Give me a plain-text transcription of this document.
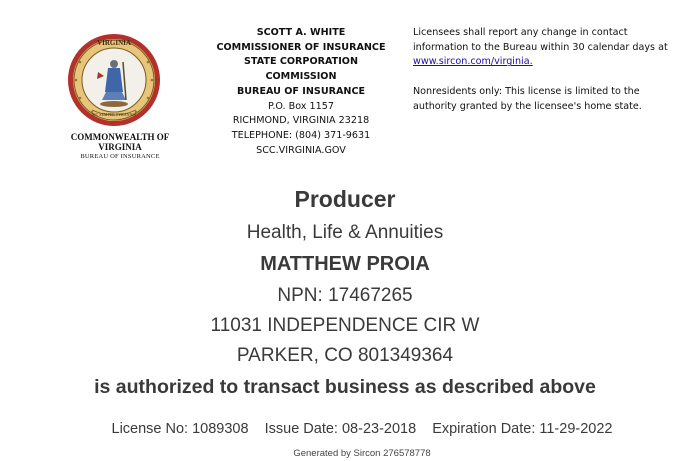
VIRGINIA
SIC SEMPER TYRANNIS
COMMONWEALTH OF
VIRGINIA
BUREAU OF INSURANCE
SCOTT A. WHITE
COMMISSIONER OF INSURANCE
STATE CORPORATION
COMMISSION
BUREAU OF INSURANCE
P.O. Box 1157
RICHMOND, VIRGINIA 23218
TELEPHONE: (804) 371-9631
SCC.VIRGINIA.GOV

Licensees shall report any change in contact information to the Bureau within 30 calendar days at www.sircon.com/virginia.

Nonresidents only: This license is limited to the authority granted by the licensee's home state.

Producer
Health, Life & Annuities
MATTHEW PROIA
NPN: 17467265
11031 INDEPENDENCE CIR W
PARKER, CO 801349364
is authorized to transact business as described above
License No: 1089308 Issue Date: 08-23-2018 Expiration Date: 11-29-2022
Generated by Sircon 276578778
